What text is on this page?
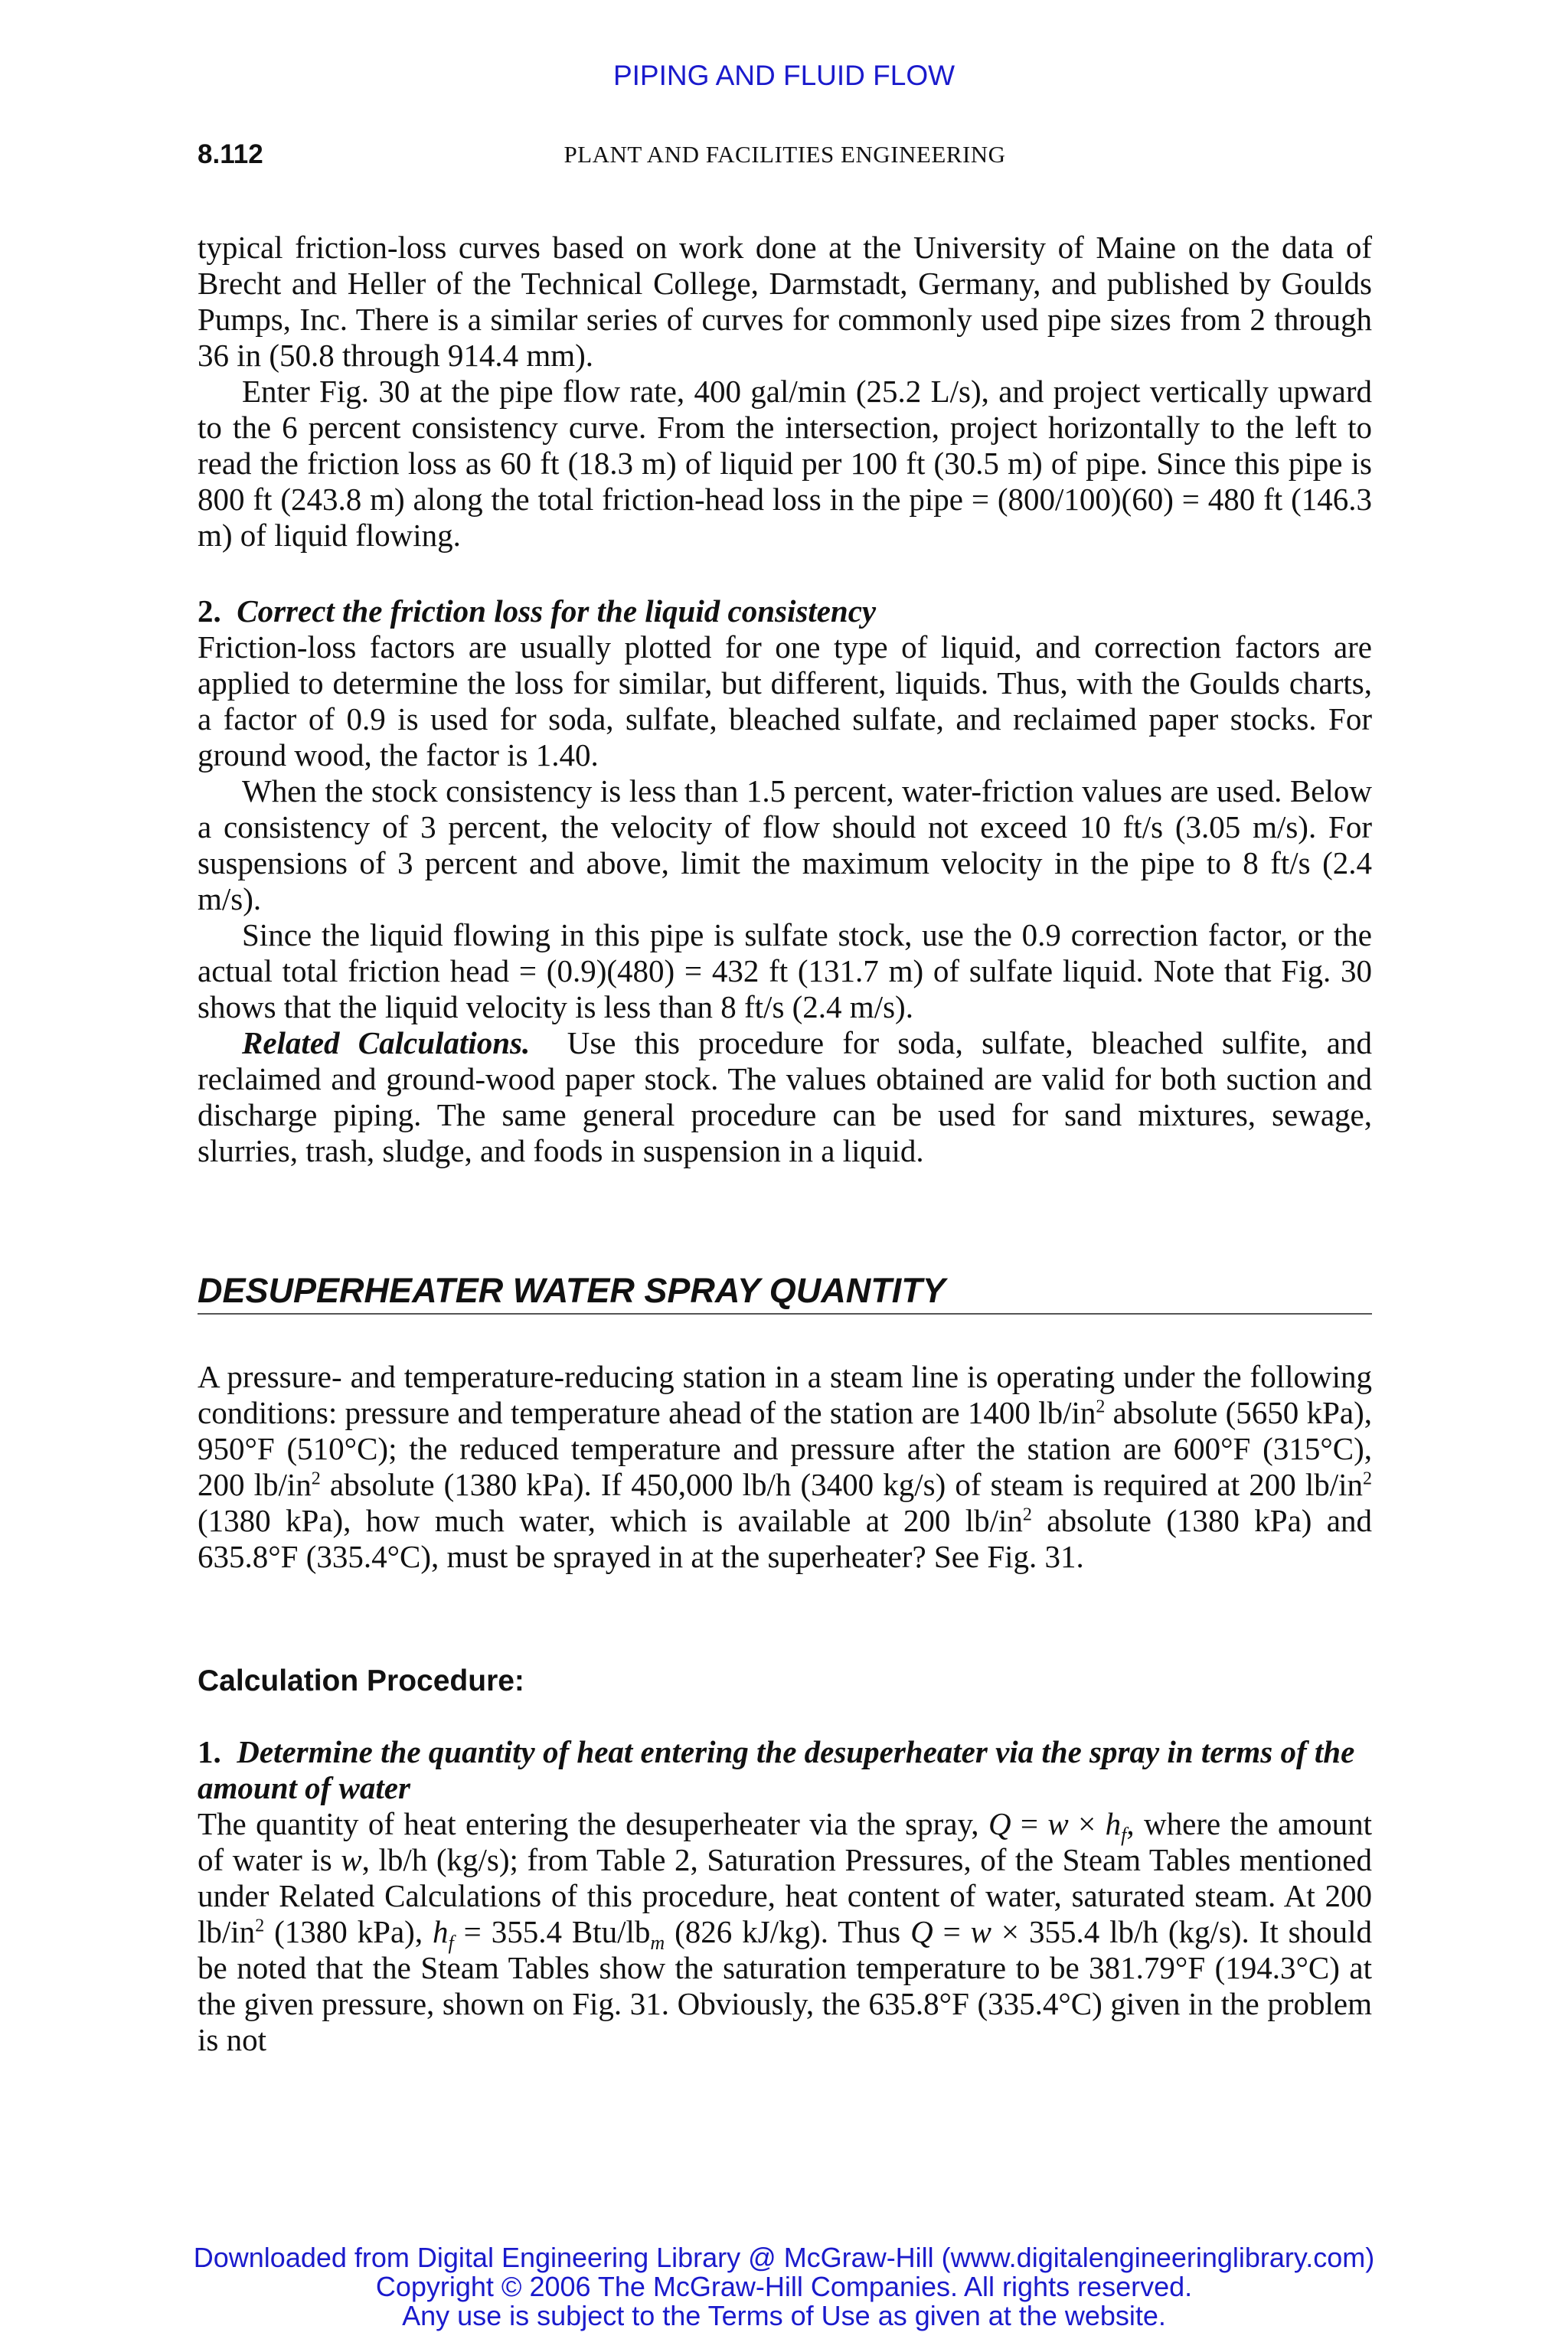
PIPING AND FLUID FLOW
8.112	PLANT AND FACILITIES ENGINEERING

typical friction-loss curves based on work done at the University of Maine on the data of Brecht and Heller of the Technical College, Darmstadt, Germany, and published by Goulds Pumps, Inc. There is a similar series of curves for commonly used pipe sizes from 2 through 36 in (50.8 through 914.4 mm).

Enter Fig. 30 at the pipe flow rate, 400 gal/min (25.2 L/s), and project vertically upward to the 6 percent consistency curve. From the intersection, project horizontally to the left to read the friction loss as 60 ft (18.3 m) of liquid per 100 ft (30.5 m) of pipe. Since this pipe is 800 ft (243.8 m) along the total friction-head loss in the pipe = (800/100)(60) = 480 ft (146.3 m) of liquid flowing.

2. Correct the friction loss for the liquid consistency

Friction-loss factors are usually plotted for one type of liquid, and correction factors are applied to determine the loss for similar, but different, liquids. Thus, with the Goulds charts, a factor of 0.9 is used for soda, sulfate, bleached sulfate, and reclaimed paper stocks. For ground wood, the factor is 1.40.

When the stock consistency is less than 1.5 percent, water-friction values are used. Below a consistency of 3 percent, the velocity of flow should not exceed 10 ft/s (3.05 m/s). For suspensions of 3 percent and above, limit the maximum velocity in the pipe to 8 ft/s (2.4 m/s).

Since the liquid flowing in this pipe is sulfate stock, use the 0.9 correction factor, or the actual total friction head = (0.9)(480) = 432 ft (131.7 m) of sulfate liquid. Note that Fig. 30 shows that the liquid velocity is less than 8 ft/s (2.4 m/s).

Related Calculations. Use this procedure for soda, sulfate, bleached sulfite, and reclaimed and ground-wood paper stock. The values obtained are valid for both suction and discharge piping. The same general procedure can be used for sand mixtures, sewage, slurries, trash, sludge, and foods in suspension in a liquid.

DESUPERHEATER WATER SPRAY QUANTITY

A pressure- and temperature-reducing station in a steam line is operating under the following conditions: pressure and temperature ahead of the station are 1400 $lb/in^2$ absolute (5650 kPa), 950°F (510°C); the reduced temperature and pressure after the station are 600°F (315°C), 200 $lb/in^2$ absolute (1380 kPa). If 450,000 lb/h (3400 kg/s) of steam is required at 200 $lb/in^2$ (1380 kPa), how much water, which is available at 200 $lb/in^2$ absolute (1380 kPa) and 635.8°F (335.4°C), must be sprayed in at the superheater? See Fig. 31.

Calculation Procedure:

1. Determine the quantity of heat entering the desuperheater via the spray in terms of the amount of water

The quantity of heat entering the desuperheater via the spray, $Q = w \times h_f$, where the amount of water is w, lb/h (kg/s); from Table 2, Saturation Pressures, of the Steam Tables mentioned under Related Calculations of this procedure, heat content of water, saturated steam. At 200 $lb/in^2$ (1380 kPa), $h_f = 355.4$ Btu/$lb_m$ (826 kJ/kg). Thus Q = w × 355.4 lb/h (kg/s). It should be noted that the Steam Tables show the saturation temperature to be 381.79°F (194.3°C) at the given pressure, shown on Fig. 31. Obviously, the 635.8°F (335.4°C) given in the problem is not

Downloaded from Digital Engineering Library @ McGraw-Hill (www.digitalengineeringlibrary.com)
Copyright © 2006 The McGraw-Hill Companies. All rights reserved.
Any use is subject to the Terms of Use as given at the website.
